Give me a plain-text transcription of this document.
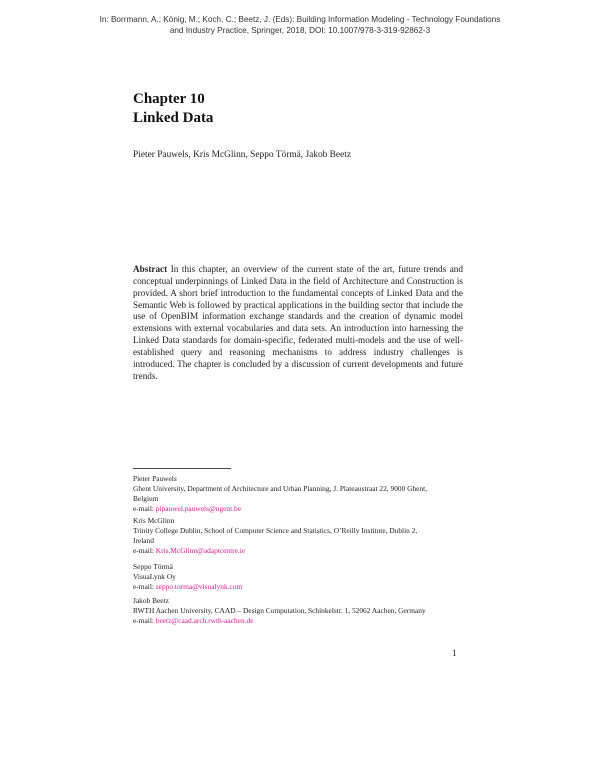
In: Borrmann, A.; König, M.; Koch, C.; Beetz, J. (Eds): Building Information Modeling - Technology Foundations
and Industry Practice, Springer, 2018, DOI: 10.1007/978-3-319-92862-3
Chapter 10
Linked Data
Pieter Pauwels, Kris McGlinn, Seppo Törmä, Jakob Beetz
Abstract In this chapter, an overview of the current state of the art, future trends and conceptual underpinnings of Linked Data in the field of Architecture and Construction is provided. A short brief introduction to the fundamental concepts of Linked Data and the Semantic Web is followed by practical applications in the building sector that include the use of OpenBIM information exchange standards and the creation of dynamic model extensions with external vocabularies and data sets. An introduction into harnessing the Linked Data standards for domain-specific, federated multi-models and the use of well-established query and reasoning mechanisms to address industry challenges is introduced. The chapter is concluded by a discussion of current developments and future trends.
Pieter Pauwels
Ghent University, Department of Architecture and Urban Planning, J. Plateaustraat 22, 9000 Ghent,
Belgium
e-mail: pipauwel.pauwels@ugent.be
Kris McGlinn
Trinity College Dublin, School of Computer Science and Statistics, O’Reilly Institute, Dublin 2,
Ireland
e-mail: Kris.McGlinn@adaptcentre.ie
Seppo Törmä
VisuaLynk Oy
e-mail: seppo.torma@visualynk.com
Jakob Beetz
RWTH Aachen University, CAAD – Design Computation, Schinkelstr. 1, 52062 Aachen, Germany
e-mail: beetz@caad.arch.rwth-aachen.de
1
